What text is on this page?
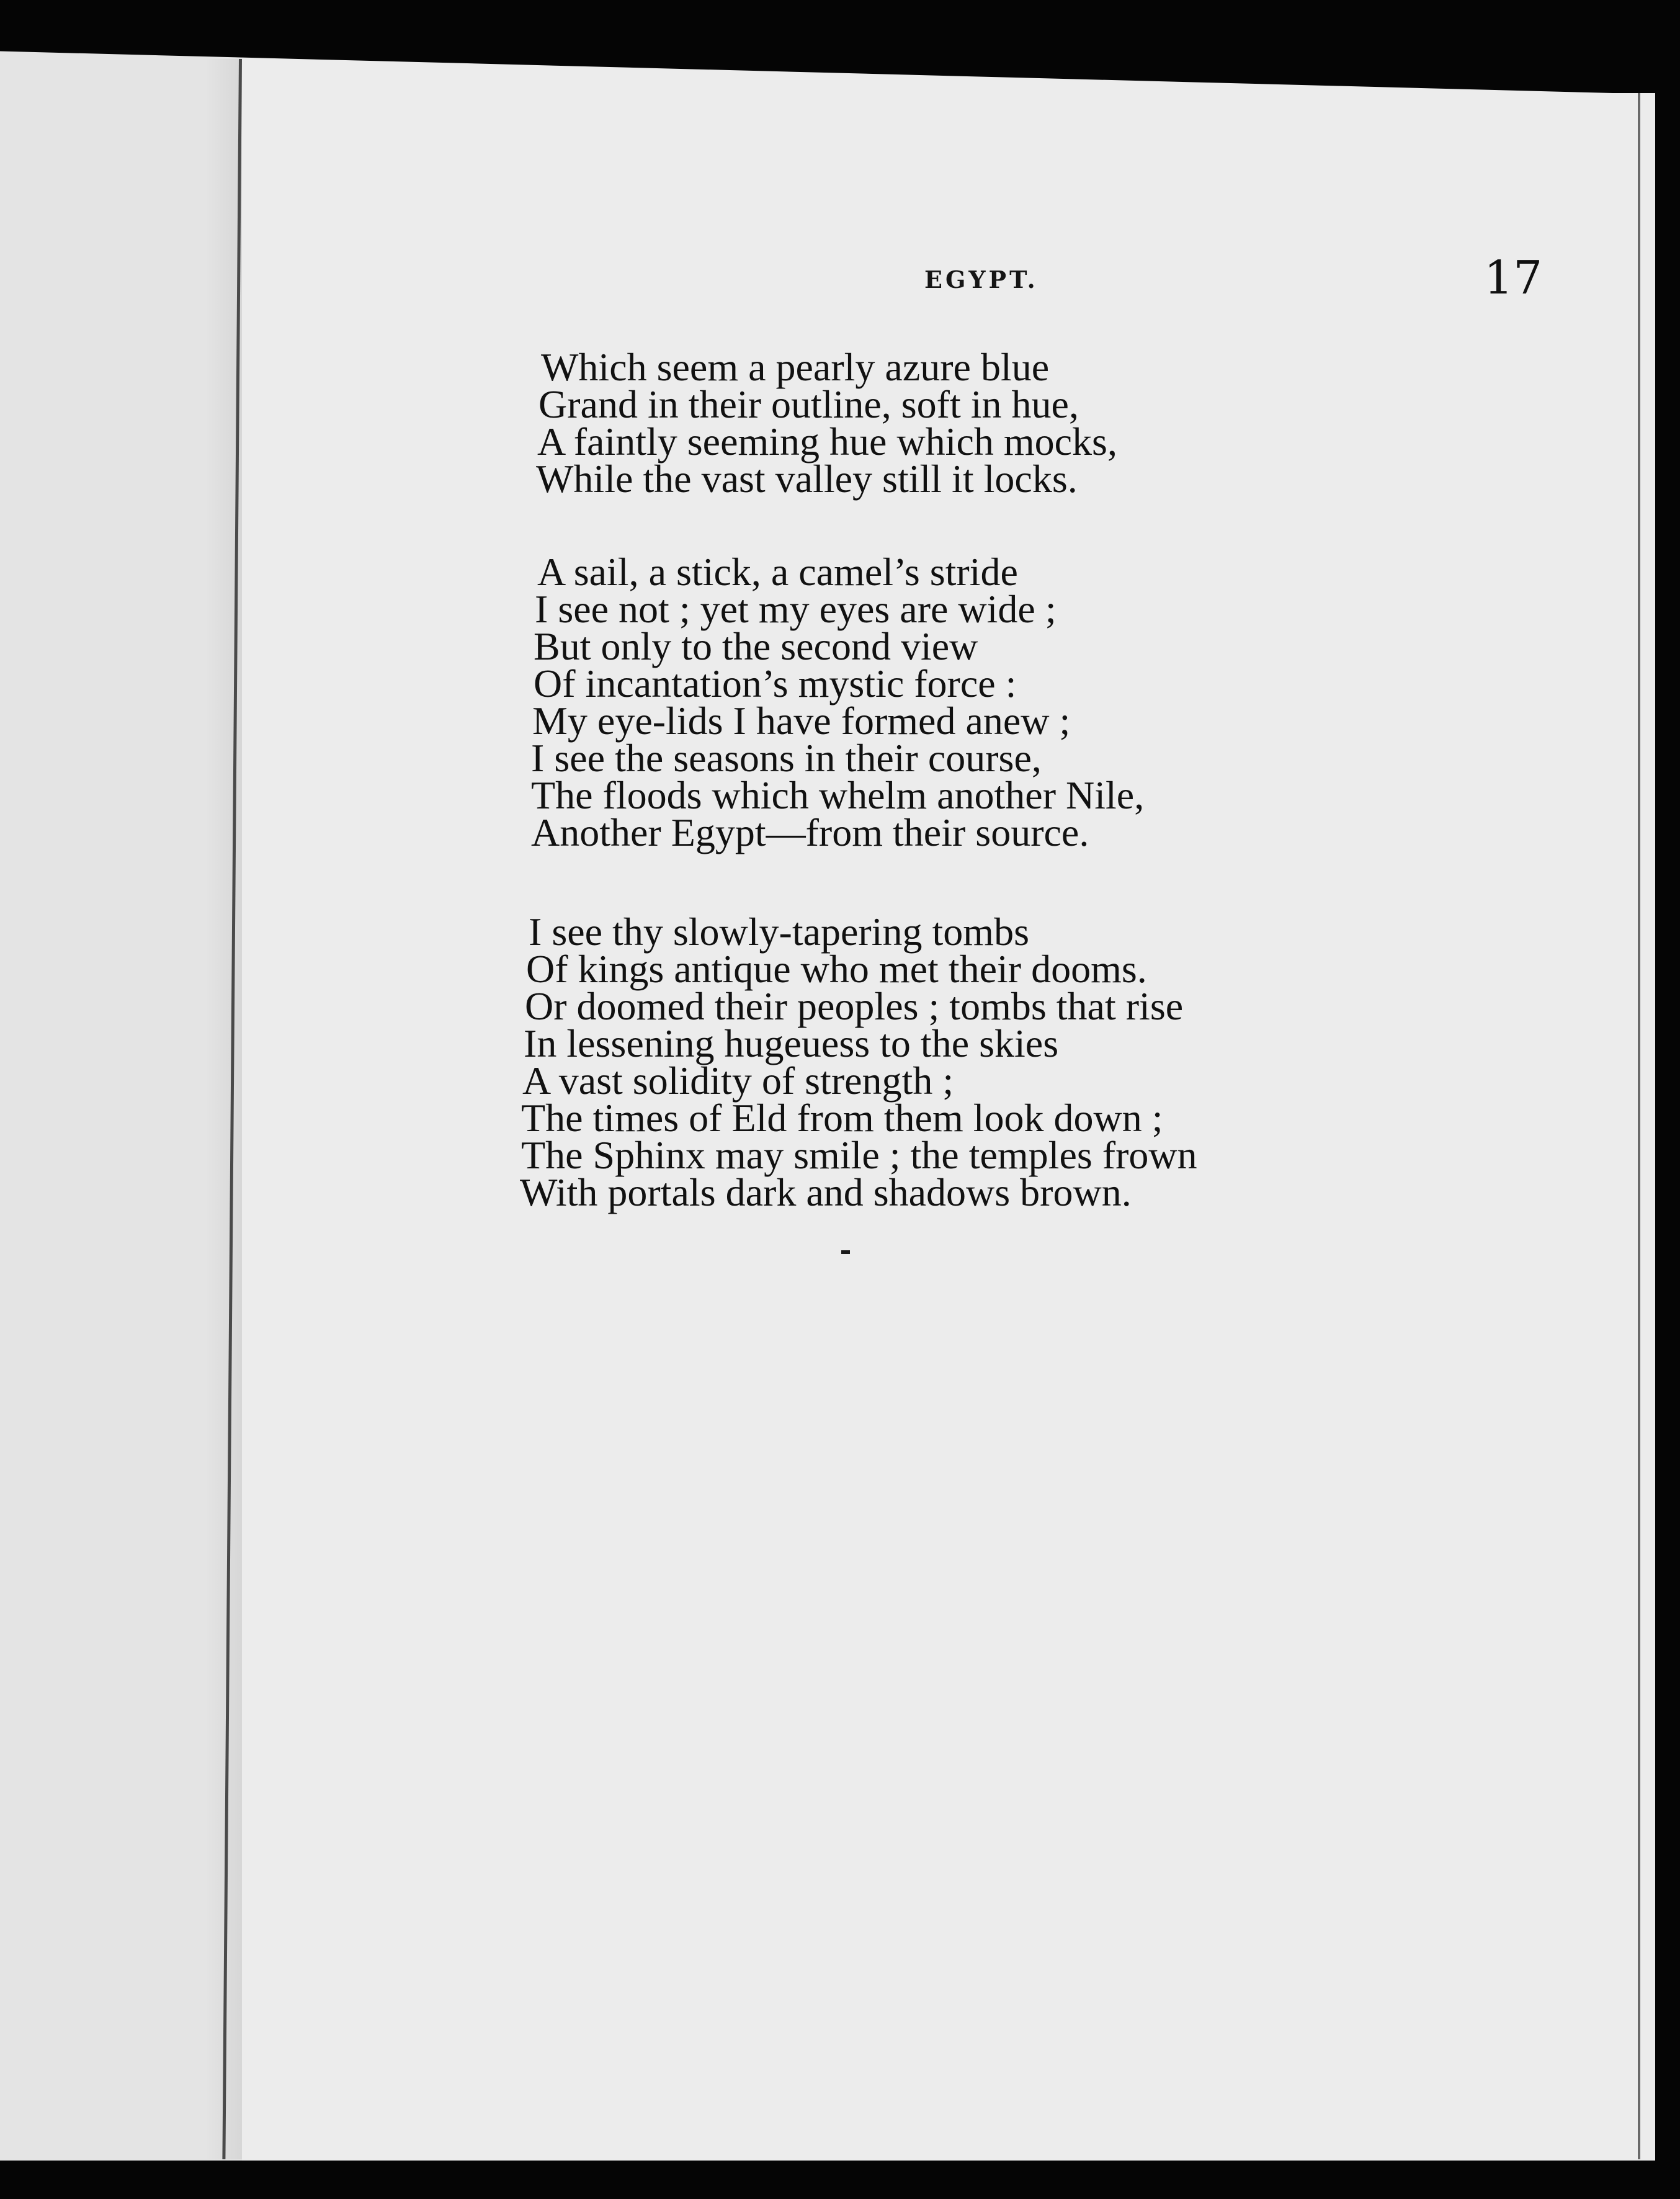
EGYPT.	17
Which seem a pearly azure blue
Grand in their outline, soft in hue,
A faintly seeming hue which mocks,
While the vast valley still it locks.
A sail, a stick, a camel’s stride
I see not ; yet my eyes are wide ;
But only to the second view
Of incantation’s mystic force :
My eye-lids I have formed anew ;
I see the seasons in their course,
The floods which whelm another Nile,
Another Egypt—from their source.
I see thy slowly-tapering tombs
Of kings antique who met their dooms.
Or doomed their peoples ; tombs that rise
In lessening hugeuess to the skies
A vast solidity of strength ;
The times of Eld from them look down ;
The Sphinx may smile ; the temples frown
With portals dark and shadows brown.
